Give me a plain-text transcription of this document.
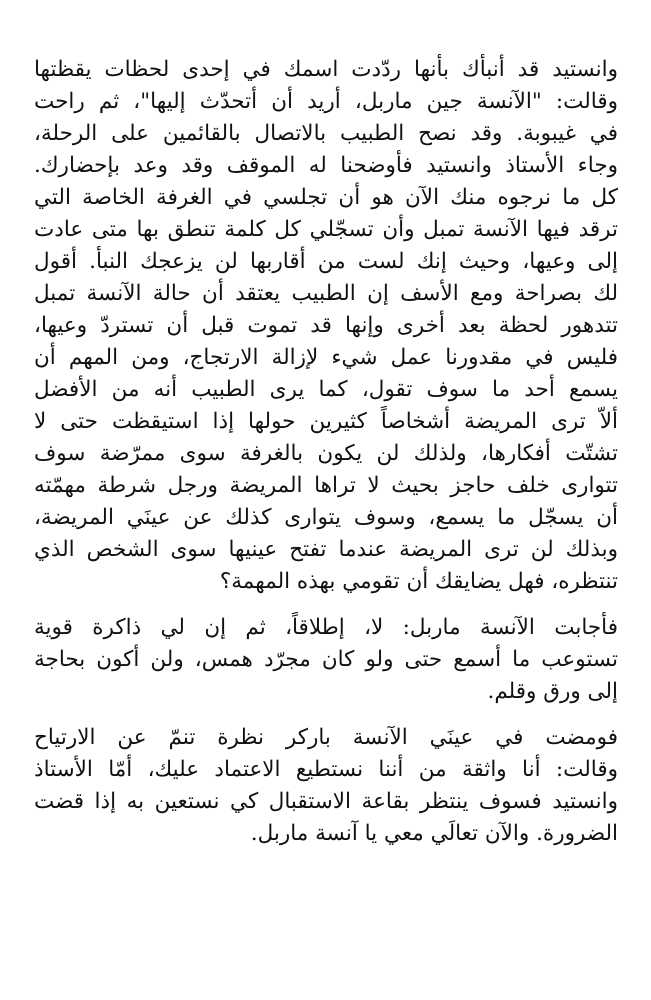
وانستيد قد أنبأك بأنها ردّدت اسمك في إحدى لحظات يقظتها
وقالت: "الآنسة جين ماربل، أريد أن أتحدّث إليها"، ثم راحت
في غيبوبة. وقد نصح الطبيب بالاتصال بالقائمين على الرحلة،
وجاء الأستاذ وانستيد فأوضحنا له الموقف وقد وعد بإحضارك.
كل ما نرجوه منك الآن هو أن تجلسي في الغرفة الخاصة التي
ترقد فيها الآنسة تمبل وأن تسجّلي كل كلمة تنطق بها متى عادت
إلى وعيها، وحيث إنك لست من أقاربها لن يزعجك النبأ. أقول
لك بصراحة ومع الأسف إن الطبيب يعتقد أن حالة الآنسة تمبل
تتدهور لحظة بعد أخرى وإنها قد تموت قبل أن تستردّ وعيها،
فليس في مقدورنا عمل شيء لإزالة الارتجاج، ومن المهم أن
يسمع أحد ما سوف تقول، كما يرى الطبيب أنه من الأفضل
ألاّ ترى المريضة أشخاصاً كثيرين حولها إذا استيقظت حتى لا
تشتّت أفكارها، ولذلك لن يكون بالغرفة سوى ممرّضة سوف
تتوارى خلف حاجز بحيث لا تراها المريضة ورجل شرطة مهمّته
أن يسجّل ما يسمع، وسوف يتوارى كذلك عن عينَي المريضة،
وبذلك لن ترى المريضة عندما تفتح عينيها سوى الشخص الذي
تنتظره، فهل يضايقك أن تقومي بهذه المهمة؟
فأجابت الآنسة ماربل: لا، إطلاقاً، ثم إن لي ذاكرة قوية
تستوعب ما أسمع حتى ولو كان مجرّد همس، ولن أكون بحاجة
إلى ورق وقلم.
فومضت في عينَي الآنسة باركر نظرة تنمّ عن الارتياح
وقالت: أنا واثقة من أننا نستطيع الاعتماد عليك، أمّا الأستاذ
وانستيد فسوف ينتظر بقاعة الاستقبال كي نستعين به إذا قضت
الضرورة. والآن تعالَي معي يا آنسة ماربل.
